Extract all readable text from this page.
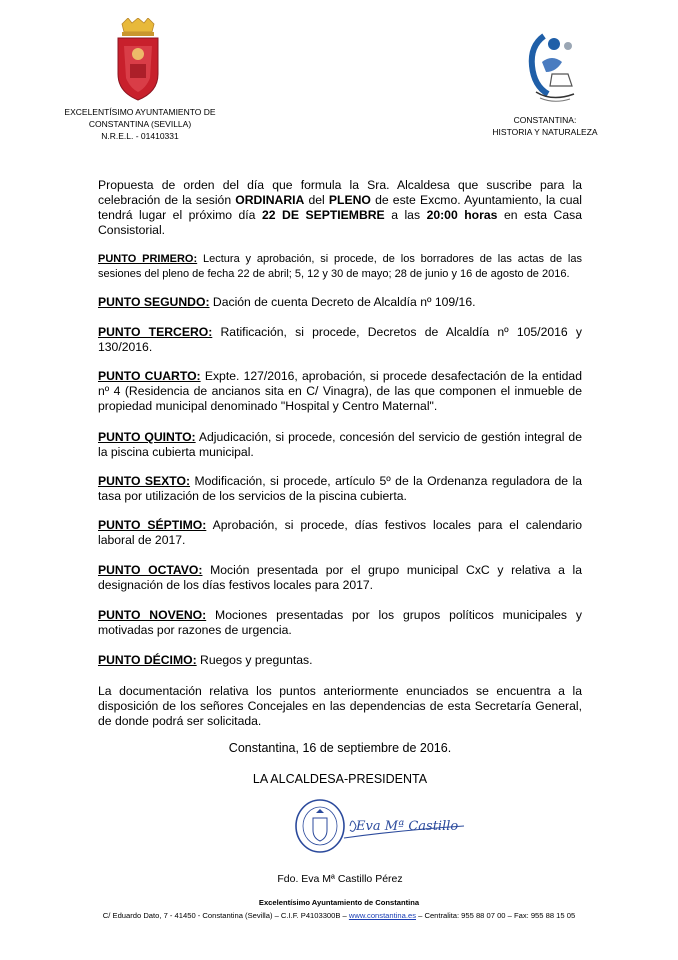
EXCELENTÍSIMO AYUNTAMIENTO DE
CONSTANTINA (SEVILLA)
N.R.E.L. - 01410331
CONSTANTINA:
HISTORIA Y NATURALEZA

Propuesta de orden del día que formula la Sra. Alcaldesa que suscribe para la celebración de la sesión ORDINARIA del PLENO de este Excmo. Ayuntamiento, la cual tendrá lugar el próximo día 22 DE SEPTIEMBRE a las 20:00 horas en esta Casa Consistorial.

PUNTO PRIMERO: Lectura y aprobación, si procede, de los borradores de las actas de las sesiones del pleno de fecha 22 de abril; 5, 12 y 30 de mayo; 28 de junio y 16 de agosto de 2016.

PUNTO SEGUNDO: Dación de cuenta Decreto de Alcaldía nº 109/16.

PUNTO TERCERO: Ratificación, si procede, Decretos de Alcaldía nº 105/2016 y 130/2016.

PUNTO CUARTO: Expte. 127/2016, aprobación, si procede desafectación de la entidad nº 4 (Residencia de ancianos sita en C/ Vinagra), de las que componen el inmueble de propiedad municipal denominado "Hospital y Centro Maternal".

PUNTO QUINTO: Adjudicación, si procede, concesión del servicio de gestión integral de la piscina cubierta municipal.

PUNTO SEXTO: Modificación, si procede, artículo 5º de la Ordenanza reguladora de la tasa por utilización de los servicios de la piscina cubierta.

PUNTO SÉPTIMO: Aprobación, si procede, días festivos locales para el calendario laboral de 2017.

PUNTO OCTAVO: Moción presentada por el grupo municipal CxC y relativa a la designación de los días festivos locales para 2017.

PUNTO NOVENO: Mociones presentadas por los grupos políticos municipales y motivadas por razones de urgencia.

PUNTO DÉCIMO: Ruegos y preguntas.

La documentación relativa los puntos anteriormente enunciados se encuentra a la disposición de los señores Concejales en las dependencias de esta Secretaría General, de donde podrá ser solicitada.

Constantina, 16 de septiembre de 2016.
LA ALCALDESA-PRESIDENTA
Eva Mª Castillo
Fdo. Eva Mª Castillo Pérez
Excelentísimo Ayuntamiento de Constantina
C/ Eduardo Dato, 7 - 41450 - Constantina (Sevilla) – C.I.F. P4103300B – www.constantina.es – Centralita: 955 88 07 00 – Fax: 955 88 15 05
